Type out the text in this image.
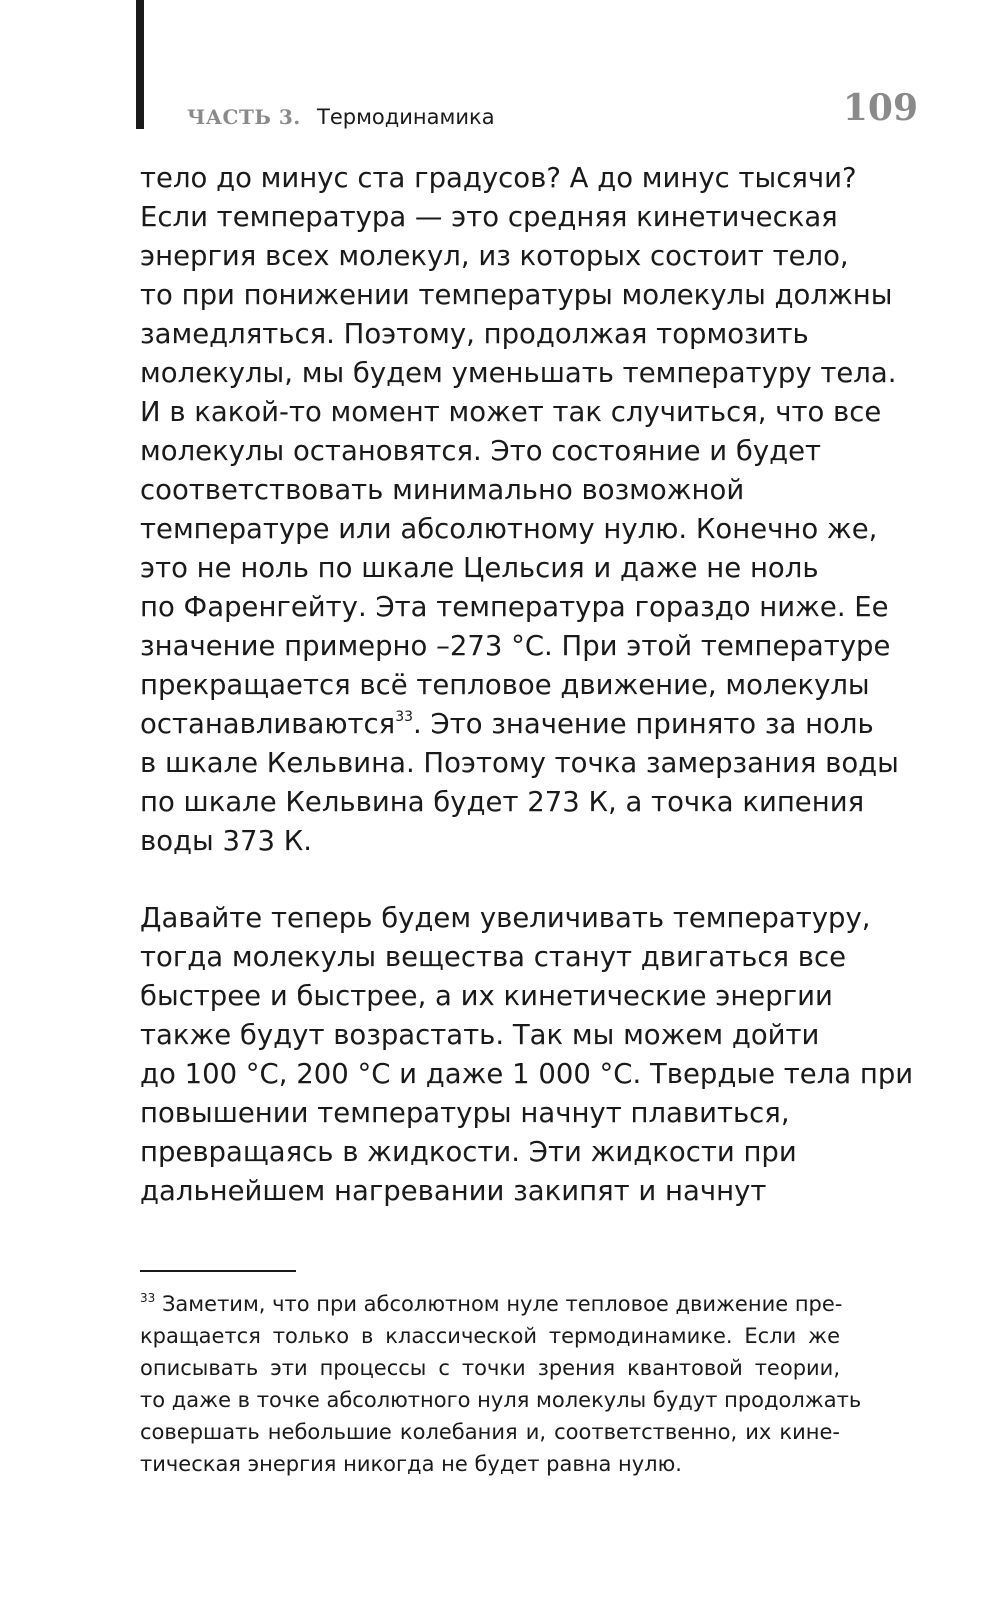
ЧАСТЬ 3. Термодинамика	109
тело до минус ста градусов? А до минус тысячи?
Если температура — это средняя кинетическая
энергия всех молекул, из которых состоит тело,
то при понижении температуры молекулы должны
замедляться. Поэтому, продолжая тормозить
молекулы, мы будем уменьшать температуру тела.
И в какой-то момент может так случиться, что все
молекулы остановятся. Это состояние и будет
соответствовать минимально возможной
температуре или абсолютному нулю. Конечно же,
это не ноль по шкале Цельсия и даже не ноль
по Фаренгейту. Эта температура гораздо ниже. Ее
значение примерно –273 °C. При этой температуре
прекращается всё тепловое движение, молекулы
останавливаются$^{33}$. Это значение принято за ноль
в шкале Кельвина. Поэтому точка замерзания воды
по шкале Кельвина будет 273 К, а точка кипения
воды 373 К.
Давайте теперь будем увеличивать температуру,
тогда молекулы вещества станут двигаться все
быстрее и быстрее, а их кинетические энергии
также будут возрастать. Так мы можем дойти
до 100 °C, 200 °C и даже 1 000 °C. Твердые тела при
повышении температуры начнут плавиться,
превращаясь в жидкости. Эти жидкости при
дальнейшем нагревании закипят и начнут
$^{33}$ Заметим, что при абсолютном нуле тепловое движение пре-
кращается только в классической термодинамике. Если же
описывать эти процессы с точки зрения квантовой теории,
то даже в точке абсолютного нуля молекулы будут продолжать
совершать небольшие колебания и, соответственно, их кине-
тическая энергия никогда не будет равна нулю.
